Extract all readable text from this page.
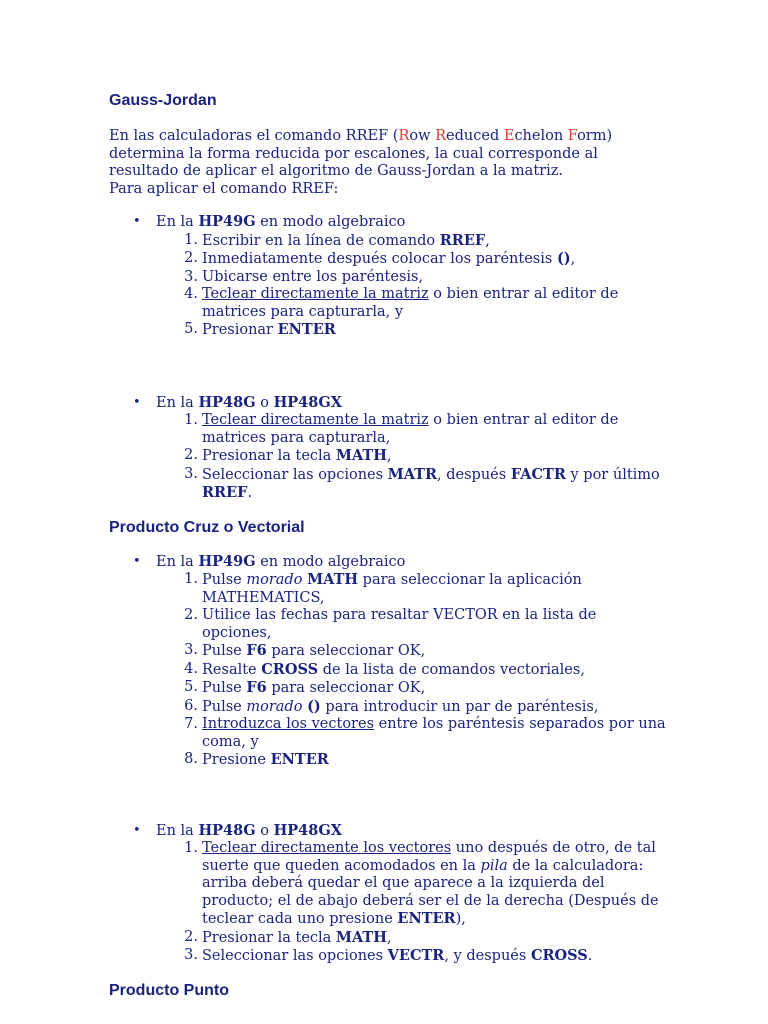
Gauss-Jordan

En las calculadoras el comando RREF (Row Reduced Echelon Form) determina la forma reducida por escalones, la cual corresponde al resultado de aplicar el algoritmo de Gauss-Jordan a la matriz.

Para aplicar el comando RREF:

• En la HP49G en modo algebraico
1. Escribir en la línea de comando RREF,
2. Inmediatamente después colocar los paréntesis (),
3. Ubicarse entre los paréntesis,
4. Teclear directamente la matriz o bien entrar al editor de matrices para capturarla, y
5. Presionar ENTER
• En la HP48G o HP48GX
1. Teclear directamente la matriz o bien entrar al editor de matrices para capturarla,
2. Presionar la tecla MATH,
3. Seleccionar las opciones MATR, después FACTR y por último RREF.
Producto Cruz o Vectorial
• En la HP49G en modo algebraico
1. Pulse morado MATH para seleccionar la aplicación MATHEMATICS,
2. Utilice las fechas para resaltar VECTOR en la lista de opciones,
3. Pulse F6 para seleccionar OK,
4. Resalte CROSS de la lista de comandos vectoriales,
5. Pulse F6 para seleccionar OK,
6. Pulse morado () para introducir un par de paréntesis,
7. Introduzca los vectores entre los paréntesis separados por una coma, y
8. Presione ENTER
• En la HP48G o HP48GX
1. Teclear directamente los vectores uno después de otro, de tal suerte que queden acomodados en la pila de la calculadora: arriba deberá quedar el que aparece a la izquierda del producto; el de abajo deberá ser el de la derecha (Después de teclear cada uno presione ENTER),
2. Presionar la tecla MATH,
3. Seleccionar las opciones VECTR, y después CROSS.
Producto Punto
